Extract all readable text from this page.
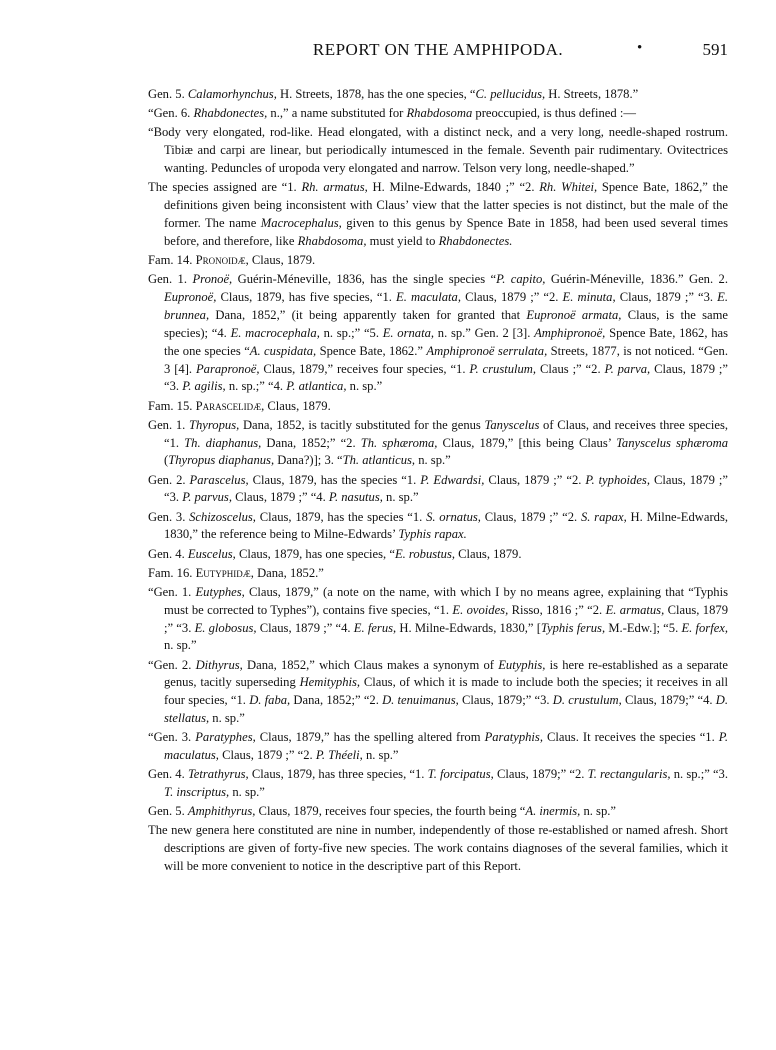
REPORT ON THE AMPHIPODA.	•	591

Gen. 5. Calamorhynchus, H. Streets, 1878, has the one species, “C. pellucidus, H. Streets, 1878.”

“Gen. 6. Rhabdonectes, n.,” a name substituted for Rhabdosoma preoccupied, is thus defined :—

“Body very elongated, rod-like. Head elongated, with a distinct neck, and a very long, needle-shaped rostrum. Tibiæ and carpi are linear, but periodically intumesced in the female. Seventh pair rudimentary. Ovitectrices wanting. Peduncles of uropoda very elongated and narrow. Telson very long, needle-shaped.”

The species assigned are “1. Rh. armatus, H. Milne-Edwards, 1840 ;” “2. Rh. Whitei, Spence Bate, 1862,” the definitions given being inconsistent with Claus’ view that the latter species is not distinct, but the male of the former. The name Macrocephalus, given to this genus by Spence Bate in 1858, had been used several times before, and therefore, like Rhabdosoma, must yield to Rhabdonectes.

Fam. 14. Pronoidæ, Claus, 1879.

Gen. 1. Pronoë, Guérin-Méneville, 1836, has the single species “P. capito, Guérin-Méneville, 1836.” Gen. 2. Eupronoë, Claus, 1879, has five species, “1. E. maculata, Claus, 1879 ;” “2. E. minuta, Claus, 1879 ;” “3. E. brunnea, Dana, 1852,” (it being apparently taken for granted that Eupronoë armata, Claus, is the same species); “4. E. macrocephala, n. sp.;” “5. E. ornata, n. sp.” Gen. 2 [3]. Amphipronoë, Spence Bate, 1862, has the one species “A. cuspidata, Spence Bate, 1862.” Amphipronoë serrulata, Streets, 1877, is not noticed. “Gen. 3 [4]. Parapronoë, Claus, 1879,” receives four species, “1. P. crustulum, Claus ;” “2. P. parva, Claus, 1879 ;” “3. P. agilis, n. sp.;” “4. P. atlantica, n. sp.”

Fam. 15. Parascelidæ, Claus, 1879.

Gen. 1. Thyropus, Dana, 1852, is tacitly substituted for the genus Tanyscelus of Claus, and receives three species, “1. Th. diaphanus, Dana, 1852;” “2. Th. sphæroma, Claus, 1879,” [this being Claus’ Tanyscelus sphæroma (Thyropus diaphanus, Dana?)]; 3. “Th. atlanticus, n. sp.”

Gen. 2. Parascelus, Claus, 1879, has the species “1. P. Edwardsi, Claus, 1879 ;” “2. P. typhoides, Claus, 1879 ;” “3. P. parvus, Claus, 1879 ;” “4. P. nasutus, n. sp.”

Gen. 3. Schizoscelus, Claus, 1879, has the species “1. S. ornatus, Claus, 1879 ;” “2. S. rapax, H. Milne-Edwards, 1830,” the reference being to Milne-Edwards’ Typhis rapax.

Gen. 4. Euscelus, Claus, 1879, has one species, “E. robustus, Claus, 1879.

Fam. 16. Eutyphidæ, Dana, 1852.”

“Gen. 1. Eutyphes, Claus, 1879,” (a note on the name, with which I by no means agree, explaining that “Typhis must be corrected to Typhes”), contains five species, “1. E. ovoides, Risso, 1816 ;” “2. E. armatus, Claus, 1879 ;” “3. E. globosus, Claus, 1879 ;” “4. E. ferus, H. Milne-Edwards, 1830,” [Typhis ferus, M.-Edw.]; “5. E. forfex, n. sp.”

“Gen. 2. Dithyrus, Dana, 1852,” which Claus makes a synonym of Eutyphis, is here re-established as a separate genus, tacitly superseding Hemityphis, Claus, of which it is made to include both the species; it receives in all four species, “1. D. faba, Dana, 1852;” “2. D. tenuimanus, Claus, 1879;” “3. D. crustulum, Claus, 1879;” “4. D. stellatus, n. sp.”

“Gen. 3. Paratyphes, Claus, 1879,” has the spelling altered from Paratyphis, Claus. It receives the species “1. P. maculatus, Claus, 1879 ;” “2. P. Théeli, n. sp.”

Gen. 4. Tetrathyrus, Claus, 1879, has three species, “1. T. forcipatus, Claus, 1879;” “2. T. rectangularis, n. sp.;” “3. T. inscriptus, n. sp.”

Gen. 5. Amphithyrus, Claus, 1879, receives four species, the fourth being “A. inermis, n. sp.”

The new genera here constituted are nine in number, independently of those re-established or named afresh. Short descriptions are given of forty-five new species. The work contains diagnoses of the several families, which it will be more convenient to notice in the descriptive part of this Report.
